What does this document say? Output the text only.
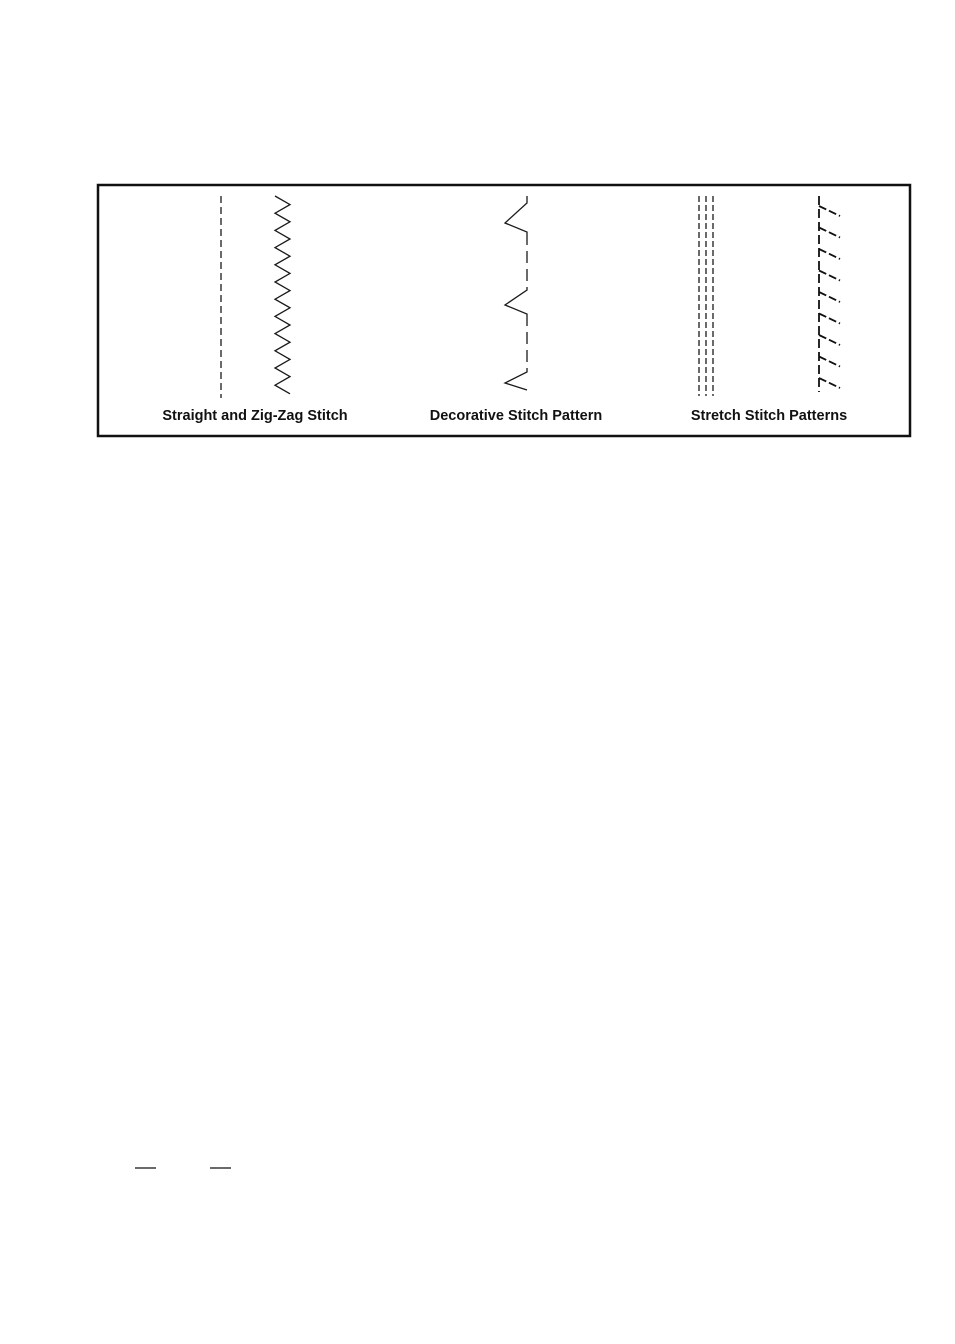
Straight and Zig-Zag Stitch	Decorative Stitch Pattern	Stretch Stitch Patterns
